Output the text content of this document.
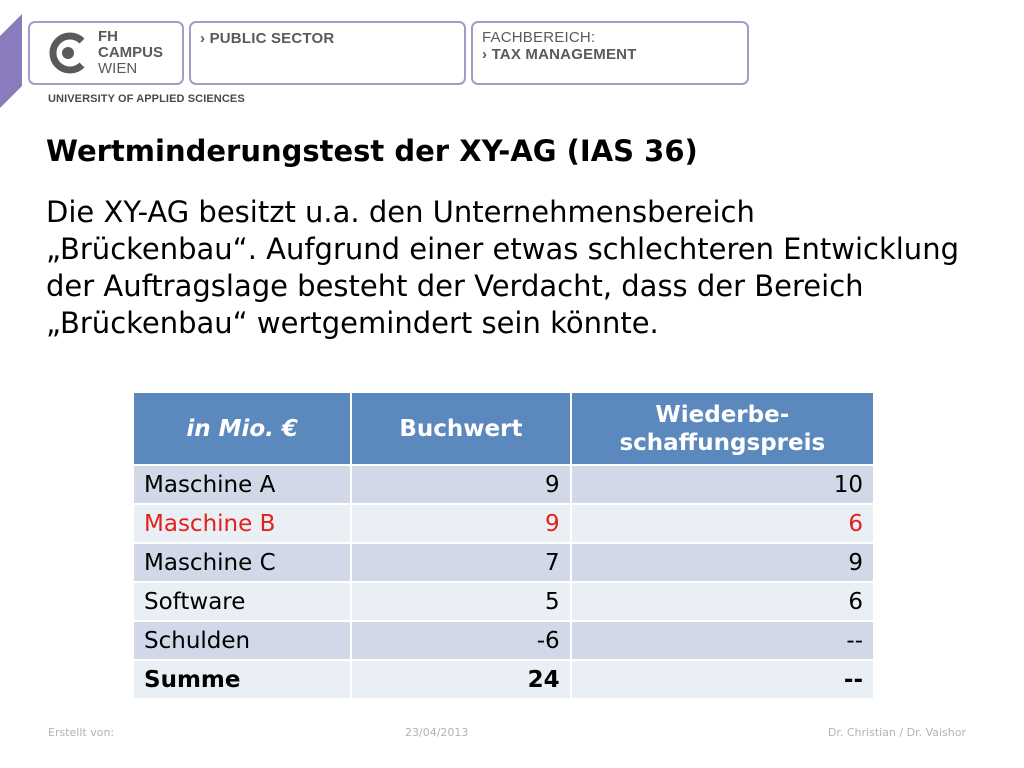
FH
CAMPUS
WIEN
› PUBLIC SECTOR	FACHBEREICH:
› TAX MANAGEMENT
UNIVERSITY OF APPLIED SCIENCES
Wertminderungstest der XY-AG (IAS 36)

Die XY-AG besitzt u.a. den Unternehmensbereich „Brückenbau“. Aufgrund einer etwas schlechteren Entwicklung der Auftragslage besteht der Verdacht, dass der Bereich „Brückenbau“ wertgemindert sein könnte.

in Mio. €	Buchwert	Wiederbe-
schaffungspreis
Maschine A	9	10
Maschine B	9	6
Maschine C	7	9
Software	5	6
Schulden	-6	--
Summe	24	--
Erstellt von:	23/04/2013	Dr. Christian / Dr. Vaishor
